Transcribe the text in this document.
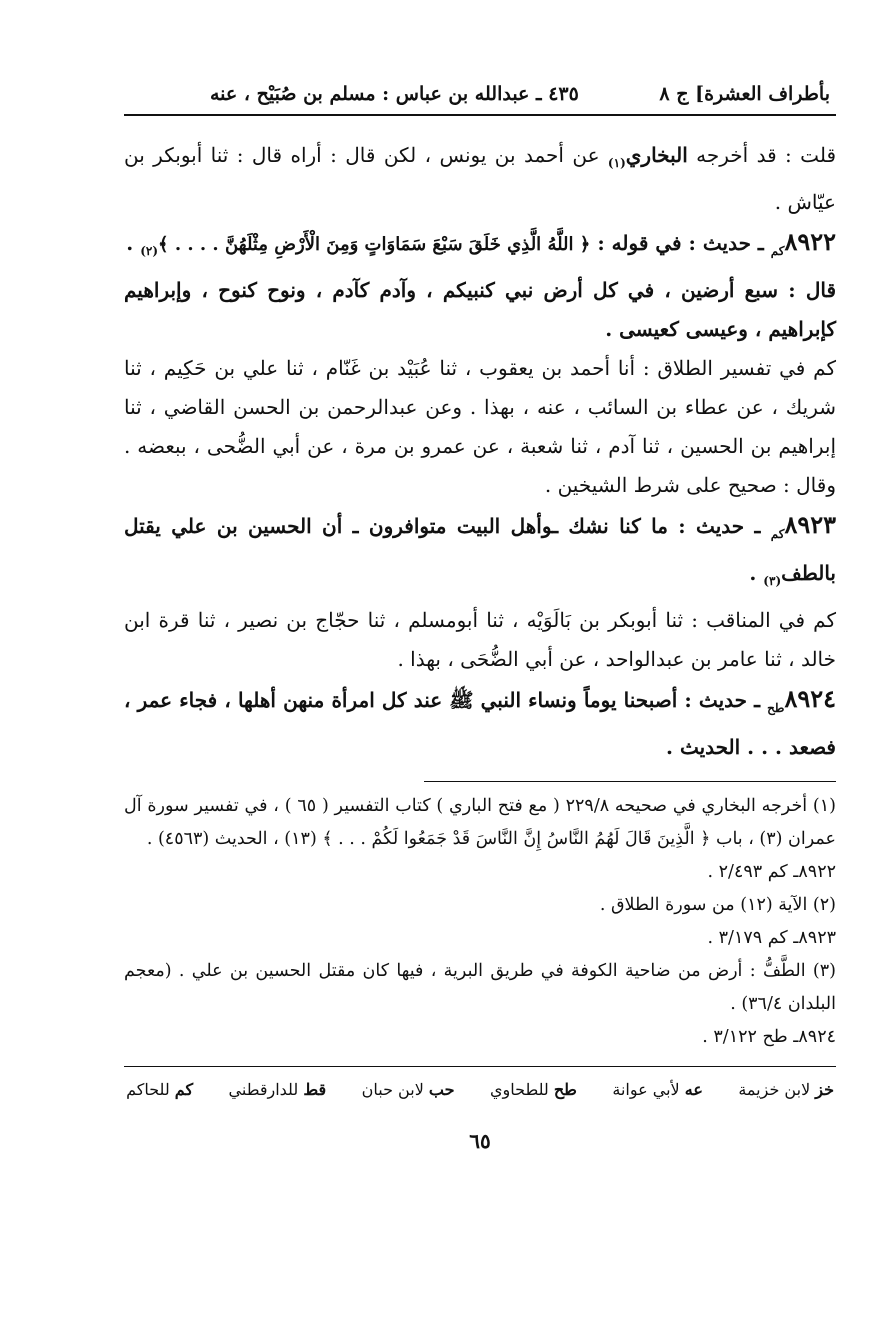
بأطراف العشرة] ج ٨
٤٣٥ ـ عبدالله بن عباس : مسلم بن صُبَيْح ، عنه

قلت : قد أخرجه البخاري$_{(١)}$ عن أحمد بن يونس ، لكن قال : أراه قال : ثنا أبوبكر بن عيّاش .

$٨٩٢٢_{كم}$ ـ حديث : في قوله : ﴿ اللَّهُ الَّذِي خَلَقَ سَبْعَ سَمَاوَاتٍ وَمِنَ الْأَرْضِ مِثْلَهُنَّ . . . . $﴾_{(٢)}$ .
قال : سبع أرضين ، في كل أرض نبي كنبيكم ، وآدم كآدم ، ونوح كنوح ، وإبراهيم كإبراهيم ، وعيسى كعيسى .

كم في تفسير الطلاق : أنا أحمد بن يعقوب ، ثنا عُبَيْد بن غَنّام ، ثنا علي بن حَكِيم ، ثنا شريك ، عن عطاء بن السائب ، عنه ، بهذا . وعن عبدالرحمن بن الحسن القاضي ، ثنا إبراهيم بن الحسين ، ثنا آدم ، ثنا شعبة ، عن عمرو بن مرة ، عن أبي الضُّحى ، ببعضه . وقال : صحيح على شرط الشيخين .

$٨٩٢٣_{كم}$ ـ حديث : ما كنا نشك ـوأهل البيت متوافرون ـ أن الحسين بن علي يقتل بالطف$_{(٣)}$ .

كم في المناقب : ثنا أبوبكر بن بَالَوَيْه ، ثنا أبومسلم ، ثنا حجّاج بن نصير ، ثنا قرة ابن خالد ، ثنا عامر بن عبدالواحد ، عن أبي الضُّحَى ، بهذا .

$٨٩٢٤_{طح}$ ـ حديث : أصبحنا يوماً ونساء النبي ﷺ عند كل امرأة منهن أهلها ، فجاء عمر ، فصعد . . . الحديث .

(١) أخرجه البخاري في صحيحه ٢٢٩/٨ ( مع فتح الباري ) كتاب التفسير ( ٦٥ ) ، في تفسير سورة آل عمران (٣) ، باب ﴿ الَّذِينَ قَالَ لَهُمُ النَّاسُ إِنَّ النَّاسَ قَدْ جَمَعُوا لَكُمْ . . . ﴾ (١٣) ، الحديث (٤٥٦٣) .

٨٩٢٢ـ كم ٢/٤٩٣ .

(٢) الآية (١٢) من سورة الطلاق .

٨٩٢٣ـ كم ٣/١٧٩ .

(٣) الطَّفُّ : أرض من ضاحية الكوفة في طريق البرية ، فيها كان مقتل الحسين بن علي . (معجم البلدان ٣٦/٤) .

٨٩٢٤ـ طح ٣/١٢٢ .

خز لابن خزيمة
عه لأبي عوانة
طح للطحاوي
حب لابن حبان
قط للدارقطني
كم للحاكم
٦٥
